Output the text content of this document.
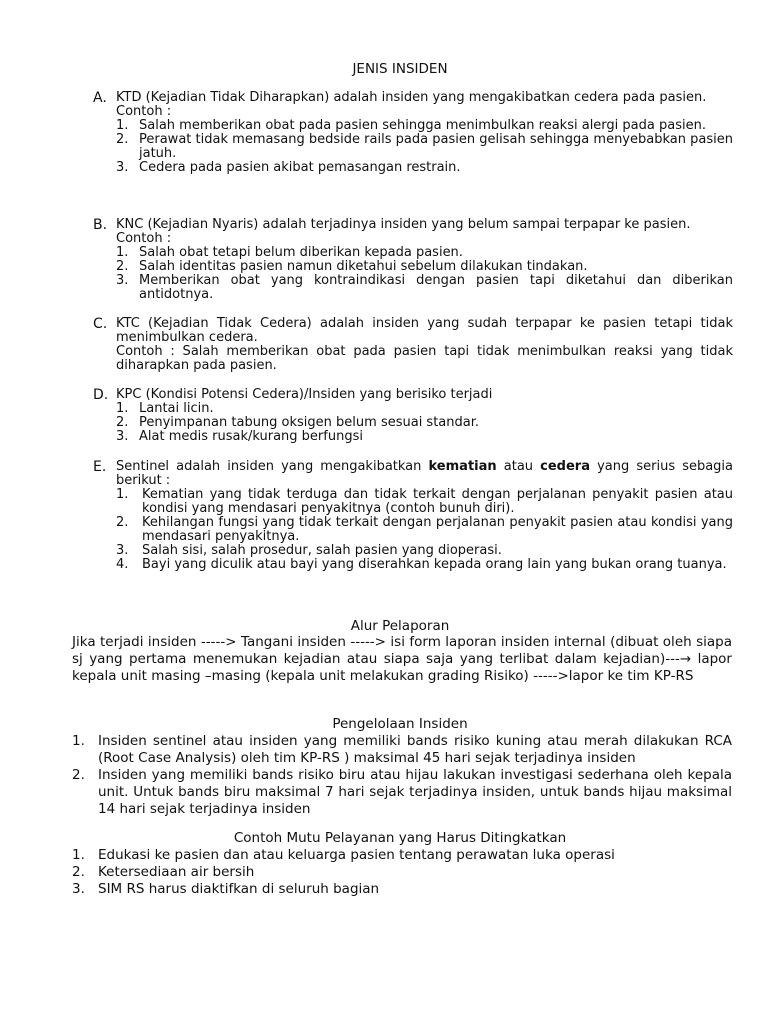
JENIS INSIDEN
A. KTD (Kejadian Tidak Diharapkan) adalah insiden yang mengakibatkan cedera pada pasien.

Contoh :

1. Salah memberikan obat pada pasien sehingga menimbulkan reaksi alergi pada pasien.
2. Perawat tidak memasang bedside rails pada pasien gelisah sehingga menyebabkan pasien jatuh.
3. Cedera pada pasien akibat pemasangan restrain.
B. KNC (Kejadian Nyaris) adalah terjadinya insiden yang belum sampai terpapar ke pasien.

Contoh :

1. Salah obat tetapi belum diberikan kepada pasien.
2. Salah identitas pasien namun diketahui sebelum dilakukan tindakan.
3. Memberikan obat yang kontraindikasi dengan pasien tapi diketahui dan diberikan antidotnya.
C. KTC (Kejadian Tidak Cedera) adalah insiden yang sudah terpapar ke pasien tetapi tidak menimbulkan cedera.

Contoh : Salah memberikan obat pada pasien tapi tidak menimbulkan reaksi yang tidak diharapkan pada pasien.

D. KPC (Kondisi Potensi Cedera)/Insiden yang berisiko terjadi

1. Lantai licin.
2. Penyimpanan tabung oksigen belum sesuai standar.
3. Alat medis rusak/kurang berfungsi
E. Sentinel adalah insiden yang mengakibatkan kematian atau cedera yang serius sebagia berikut :

1. Kematian yang tidak terduga dan tidak terkait dengan perjalanan penyakit pasien atau kondisi yang mendasari penyakitnya (contoh bunuh diri).
2. Kehilangan fungsi yang tidak terkait dengan perjalanan penyakit pasien atau kondisi yang mendasari penyakitnya.
3. Salah sisi, salah prosedur, salah pasien yang dioperasi.
4. Bayi yang diculik atau bayi yang diserahkan kepada orang lain yang bukan orang tuanya.
Alur Pelaporan

Jika terjadi insiden -----> Tangani insiden -----> isi form laporan insiden internal (dibuat oleh siapa sj yang pertama menemukan kejadian atau siapa saja yang terlibat dalam kejadian)---→ lapor kepala unit masing –masing (kepala unit melakukan grading Risiko) ----->lapor ke tim KP-RS

Pengelolaan Insiden
1. Insiden sentinel atau insiden yang memiliki bands risiko kuning atau merah dilakukan RCA (Root Case Analysis) oleh tim KP-RS ) maksimal 45 hari sejak terjadinya insiden
2. Insiden yang memiliki bands risiko biru atau hijau lakukan investigasi sederhana oleh kepala unit. Untuk bands biru maksimal 7 hari sejak terjadinya insiden, untuk bands hijau maksimal 14 hari sejak terjadinya insiden
Contoh Mutu Pelayanan yang Harus Ditingkatkan
1. Edukasi ke pasien dan atau keluarga pasien tentang perawatan luka operasi
2. Ketersediaan air bersih
3. SIM RS harus diaktifkan di seluruh bagian
